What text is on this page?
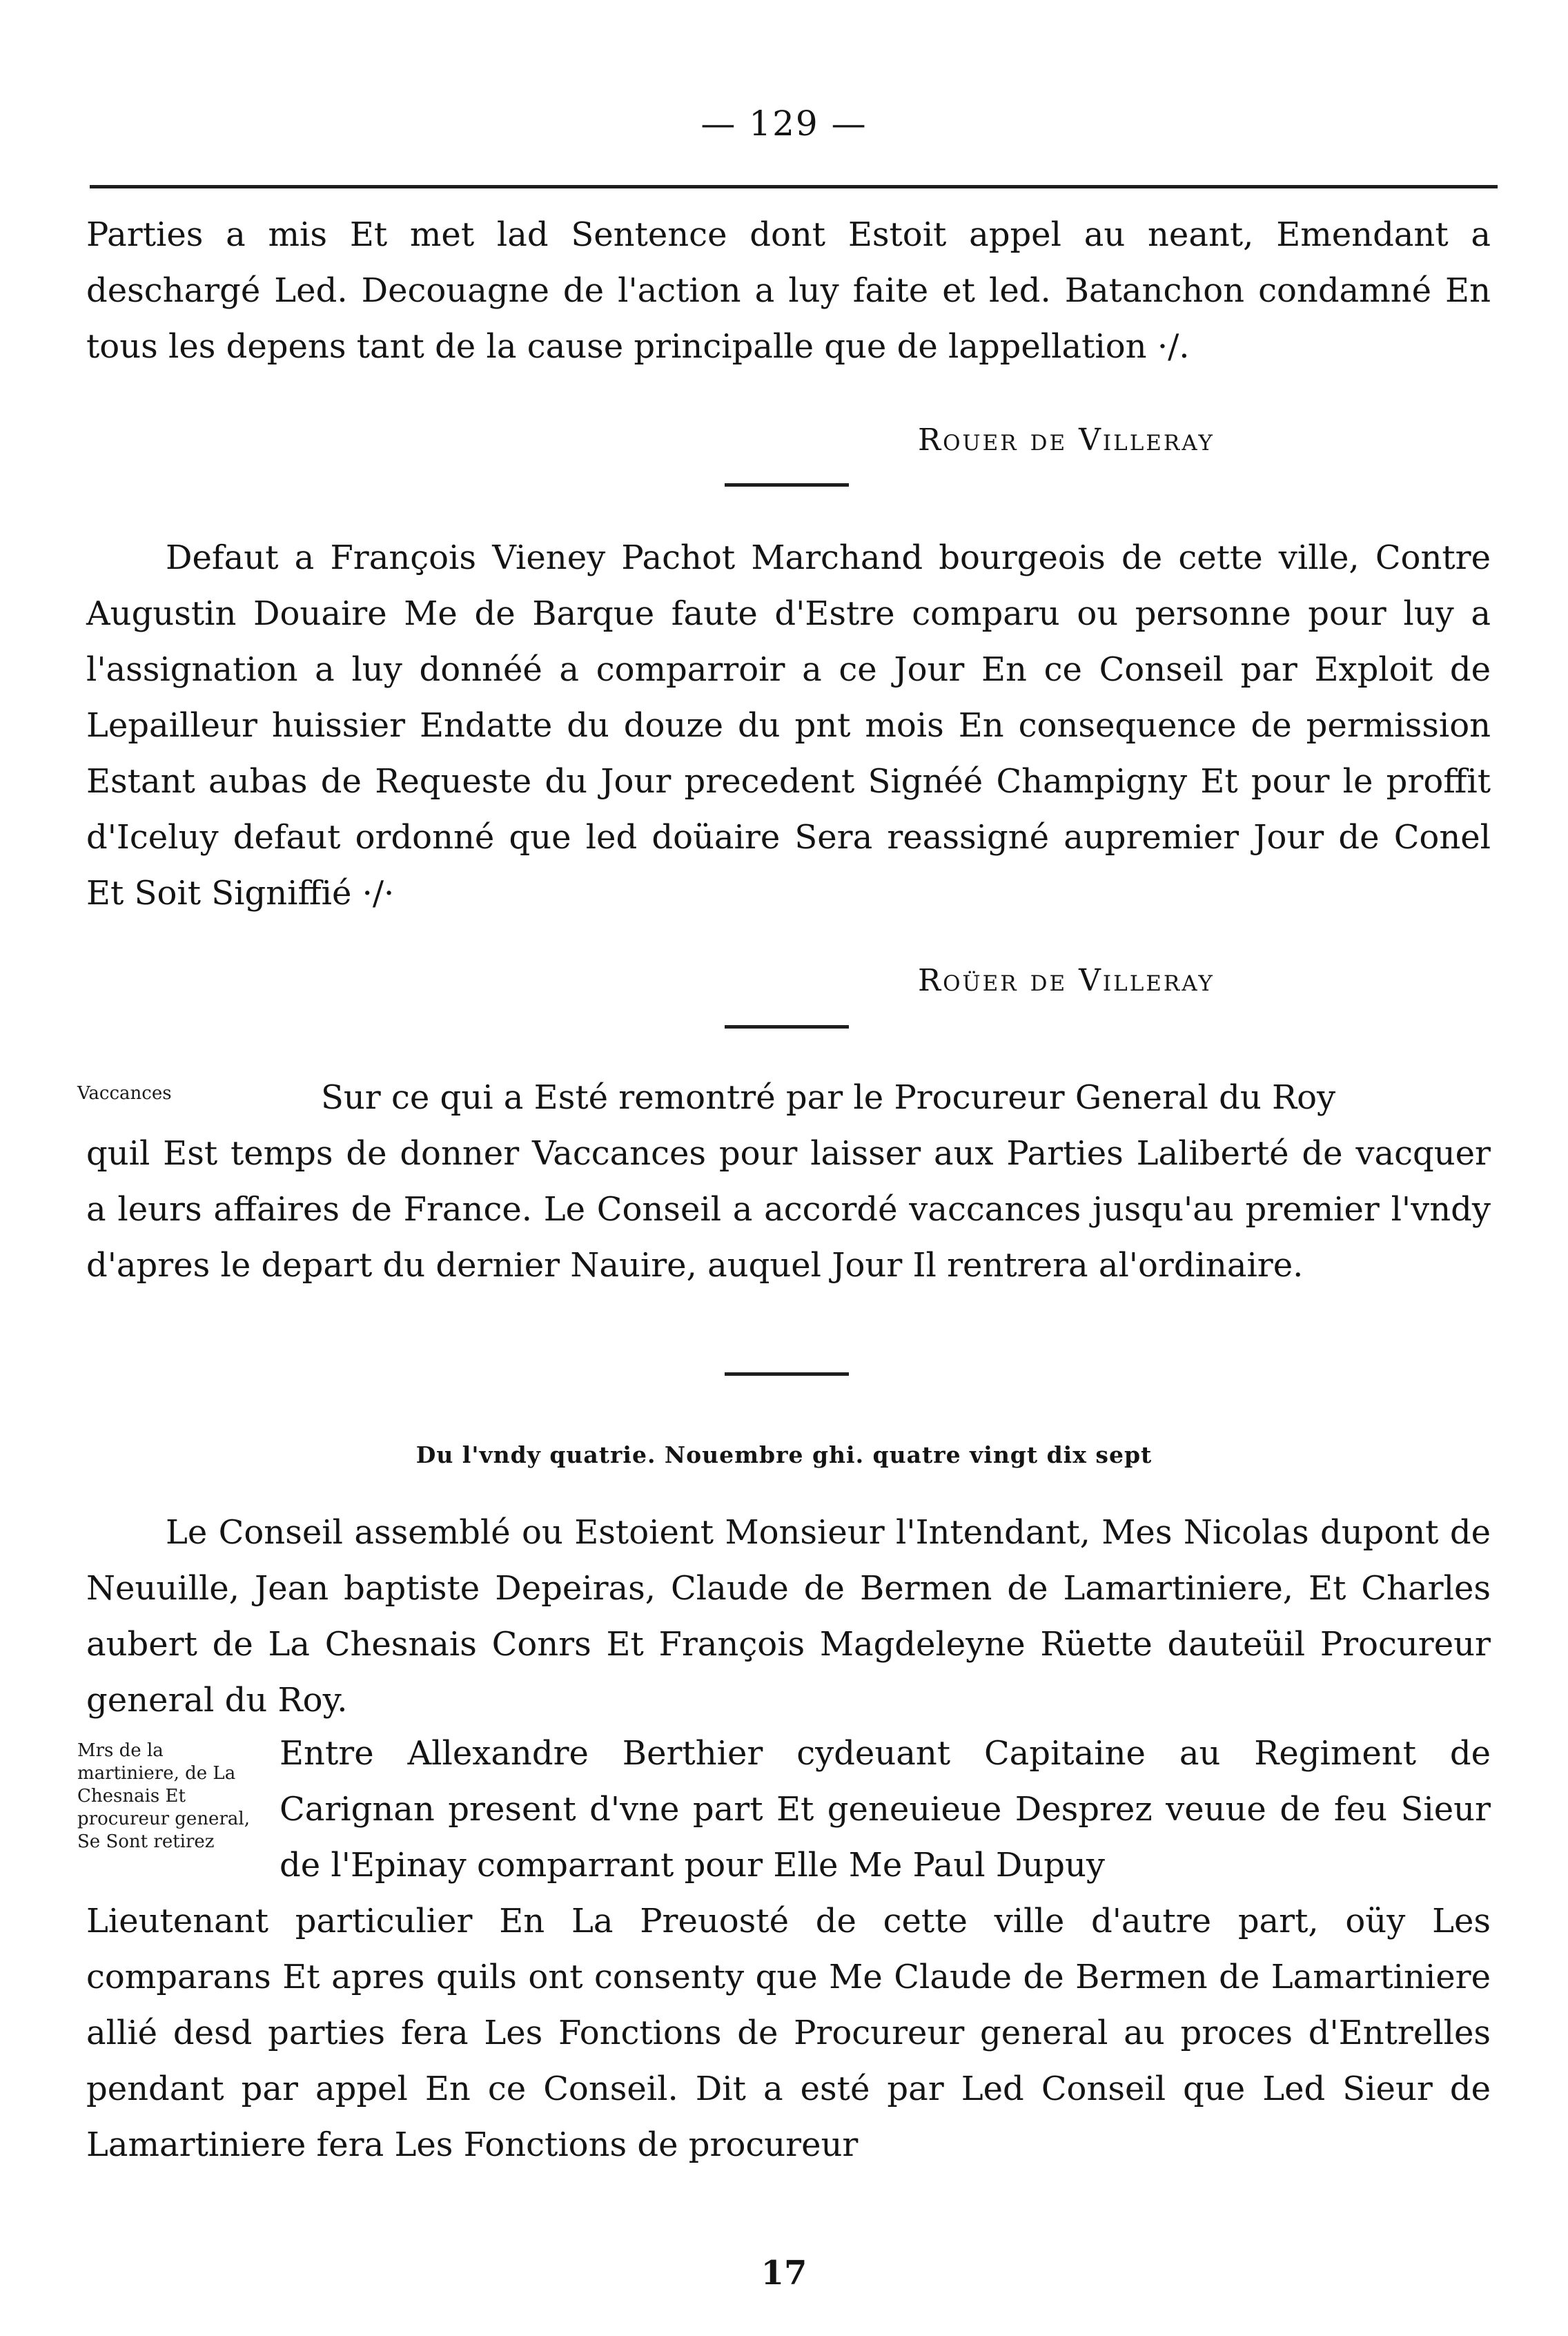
— 129 —
Parties a mis Et met lad Sentence dont Estoit appel au neant, Emendant a deschargé Led. Decouagne de l'action a luy faite et led. Batanchon condamné En tous les depens tant de la cause principalle que de lappellation ·/.
Rouer de Villeray
Defaut a François Vieney Pachot Marchand bourgeois de cette ville, Contre Augustin Douaire Me de Barque faute d'Estre comparu ou personne pour luy a l'assignation a luy donnéé a comparroir a ce Jour En ce Conseil par Exploit de Lepailleur huissier Endatte du douze du pnt mois En consequence de permission Estant aubas de Requeste du Jour precedent Signéé Champigny Et pour le proffit d'Iceluy defaut ordonné que led doüaire Sera reassigné aupremier Jour de Conel Et Soit Signiffié ·/·
Roüer de Villeray
Vaccances	Sur ce qui a Esté remontré par le Procureur General du Roy
quil Est temps de donner Vaccances pour laisser aux Parties Laliberté de vacquer a leurs affaires de France. Le Conseil a accordé vaccances jusqu'au premier l'vndy d'apres le depart du dernier Nauire, auquel Jour Il rentrera al'ordinaire.
Du l'vndy quatrie. Nouembre ghi. quatre vingt dix sept
Le Conseil assemblé ou Estoient Monsieur l'Intendant, Mes Nicolas dupont de Neuuille, Jean baptiste Depeiras, Claude de Bermen de Lamartiniere, Et Charles aubert de La Chesnais Conrs Et François Magdeleyne Rüette dauteüil Procureur general du Roy.
Mrs de la martiniere, de La Chesnais Et procureur general, Se Sont retirez
Entre Allexandre Berthier cydeuant Capitaine au Regiment de Carignan present d'vne part Et geneuieue Desprez veuue de feu Sieur de l'Epinay comparrant pour Elle Me Paul Dupuy
Lieutenant particulier En La Preuosté de cette ville d'autre part, oüy Les comparans Et apres quils ont consenty que Me Claude de Bermen de Lamartiniere allié desd parties fera Les Fonctions de Procureur general au proces d'Entrelles pendant par appel En ce Conseil. Dit a esté par Led Conseil que Led Sieur de Lamartiniere fera Les Fonctions de procureur
17
